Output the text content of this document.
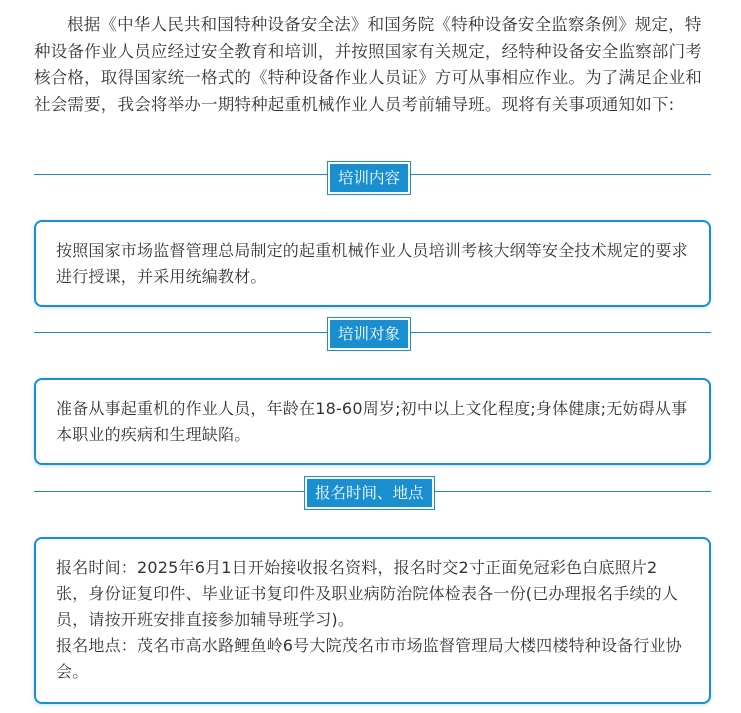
根据《中华人民共和国特种设备安全法》和国务院《特种设备安全监察条例》规定，特种设备作业人员应经过安全教育和培训，并按照国家有关规定，经特种设备安全监察部门考核合格，取得国家统一格式的《特种设备作业人员证》方可从事相应作业。为了满足企业和社会需要，我会将举办一期特种起重机械作业人员考前辅导班。现将有关事项通知如下:

培训内容

按照国家市场监督管理总局制定的起重机械作业人员培训考核大纲等安全技术规定的要求进行授课，并采用统编教材。

培训对象

准备从事起重机的作业人员，年龄在18-60周岁;初中以上文化程度;身体健康;无妨碍从事本职业的疾病和生理缺陷。

报名时间、地点

报名时间：2025年6月1日开始接收报名资料，报名时交2寸正面免冠彩色白底照片2张，身份证复印件、毕业证书复印件及职业病防治院体检表各一份(已办理报名手续的人员，请按开班安排直接参加辅导班学习)。

报名地点：茂名市高水路鲤鱼岭6号大院茂名市市场监督管理局大楼四楼特种设备行业协会。
